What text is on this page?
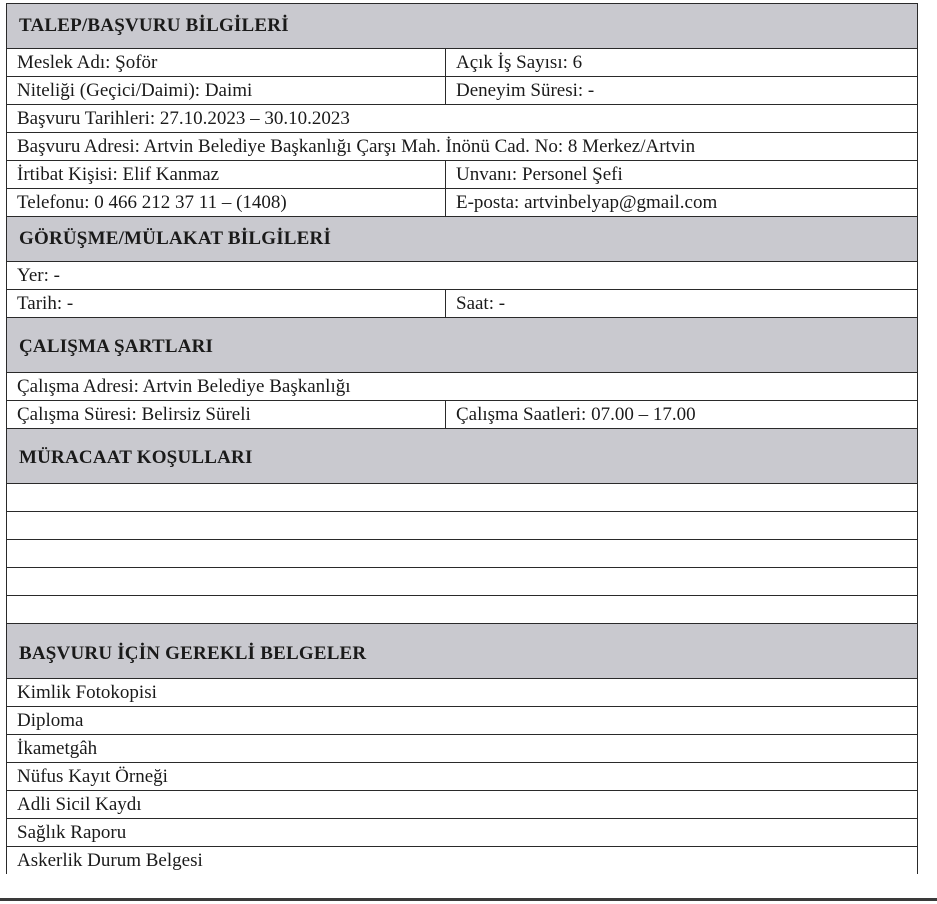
TALEP/BAŞVURU BİLGİLERİ
Meslek Adı: Şoför	Açık İş Sayısı: 6
Niteliği (Geçici/Daimi): Daimi	Deneyim Süresi: -
Başvuru Tarihleri: 27.10.2023 – 30.10.2023
Başvuru Adresi: Artvin Belediye Başkanlığı Çarşı Mah. İnönü Cad. No: 8 Merkez/Artvin
İrtibat Kişisi: Elif Kanmaz	Unvanı: Personel Şefi
Telefonu: 0 466 212 37 11 – (1408)	E-posta: artvinbelyap@gmail.com
GÖRÜŞME/MÜLAKAT BİLGİLERİ
Yer: -
Tarih: -	Saat: -
ÇALIŞMA ŞARTLARI
Çalışma Adresi: Artvin Belediye Başkanlığı
Çalışma Süresi: Belirsiz Süreli	Çalışma Saatleri: 07.00 – 17.00
MÜRACAAT KOŞULLARI
BAŞVURU İÇİN GEREKLİ BELGELER
Kimlik Fotokopisi
Diploma
İkametgâh
Nüfus Kayıt Örneği
Adli Sicil Kaydı
Sağlık Raporu
Askerlik Durum Belgesi
